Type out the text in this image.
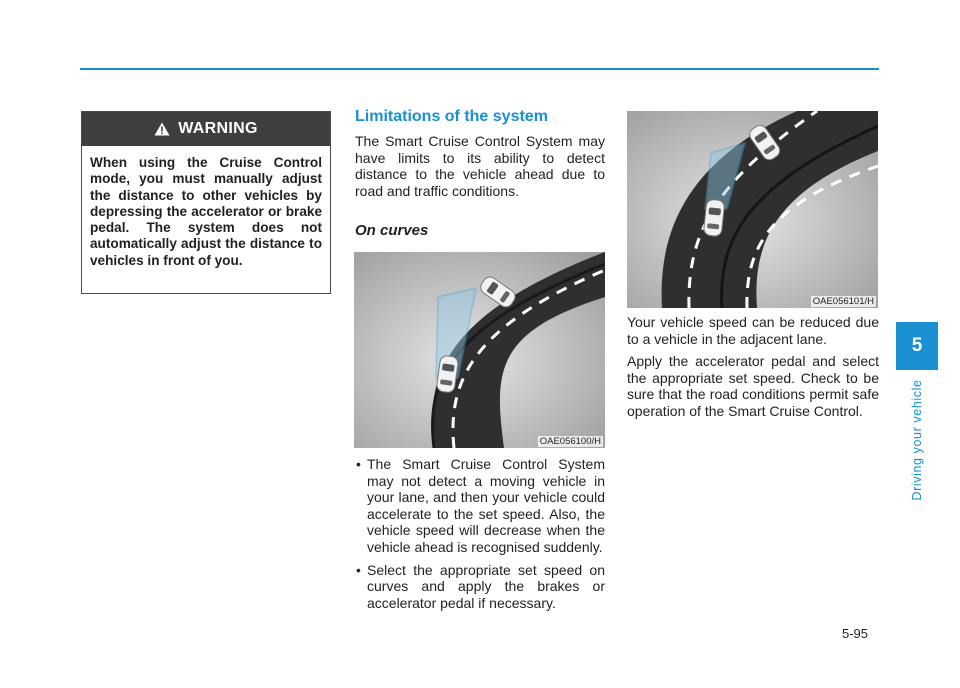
WARNING
When using the Cruise Control mode, you must manually adjust the distance to other vehicles by depressing the accelerator or brake pedal. The system does not automatically adjust the distance to vehicles in front of you.
Limitations of the system
The Smart Cruise Control System may have limits to its ability to detect distance to the vehicle ahead due to road and traffic conditions.
On curves
OAE056100/H
• The Smart Cruise Control System may not detect a moving vehicle in your lane, and then your vehicle could accelerate to the set speed. Also, the vehicle speed will decrease when the vehicle ahead is recognised suddenly.
• Select the appropriate set speed on curves and apply the brakes or accelerator pedal if necessary.
OAE056101/H

Your vehicle speed can be reduced due to a vehicle in the adjacent lane.

Apply the accelerator pedal and select the appropriate set speed. Check to be sure that the road conditions permit safe operation of the Smart Cruise Control.

5
Driving your vehicle
5-95
